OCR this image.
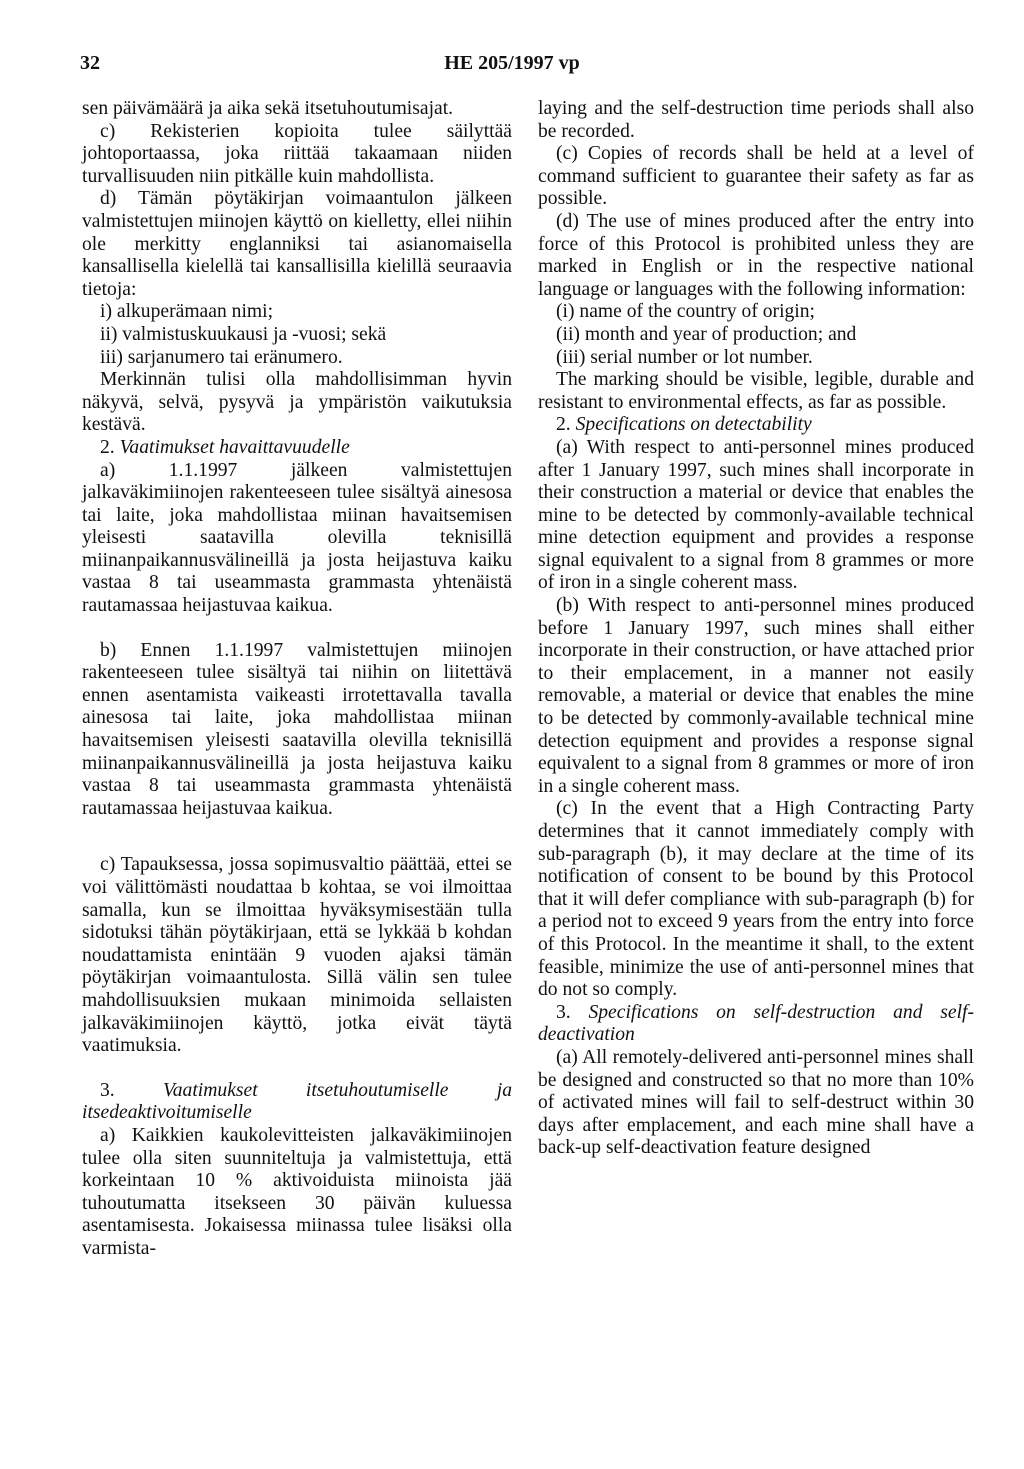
32	HE 205/1997 vp

sen päivämäärä ja aika sekä itsetuhoutumisajat.

c) Rekisterien kopioita tulee säilyttää johtoportaassa, joka riittää takaamaan niiden turvallisuuden niin pitkälle kuin mahdollista.

d) Tämän pöytäkirjan voimaantulon jälkeen valmistettujen miinojen käyttö on kielletty, ellei niihin ole merkitty englanniksi tai asianomaisella kansallisella kielellä tai kansallisilla kielillä seuraavia tietoja:

i) alkuperämaan nimi;

ii) valmistuskuukausi ja -vuosi; sekä

iii) sarjanumero tai eränumero.

Merkinnän tulisi olla mahdollisimman hyvin näkyvä, selvä, pysyvä ja ympäristön vaikutuksia kestävä.

2. Vaatimukset havaittavuudelle

a) 1.1.1997 jälkeen valmistettujen jalkaväkimiinojen rakenteeseen tulee sisältyä ainesosa tai laite, joka mahdollistaa miinan havaitsemisen yleisesti saatavilla olevilla teknisillä miinanpaikannusvälineillä ja josta heijastuva kaiku vastaa 8 tai useammasta grammasta yhtenäistä rautamassaa heijastuvaa kaikua.

b) Ennen 1.1.1997 valmistettujen miinojen rakenteeseen tulee sisältyä tai niihin on liitettävä ennen asentamista vaikeasti irrotettavalla tavalla ainesosa tai laite, joka mahdollistaa miinan havaitsemisen yleisesti saatavilla olevilla teknisillä miinanpaikannusvälineillä ja josta heijastuva kaiku vastaa 8 tai useammasta grammasta yhtenäistä rautamassaa heijastuvaa kaikua.

c) Tapauksessa, jossa sopimusvaltio päättää, ettei se voi välittömästi noudattaa b kohtaa, se voi ilmoittaa samalla, kun se ilmoittaa hyväksymisestään tulla sidotuksi tähän pöytäkirjaan, että se lykkää b kohdan noudattamista enintään 9 vuoden ajaksi tämän pöytäkirjan voimaantulosta. Sillä välin sen tulee mahdollisuuksien mukaan minimoida sellaisten jalkaväkimiinojen käyttö, jotka eivät täytä vaatimuksia.

3. Vaatimukset itsetuhoutumiselle ja itsedeaktivoitumiselle

a) Kaikkien kaukolevitteisten jalkaväkimiinojen tulee olla siten suunniteltuja ja valmistettuja, että korkeintaan 10 % aktivoiduista miinoista jää tuhoutumatta itsekseen 30 päivän kuluessa asentamisesta. Jokaisessa miinassa tulee lisäksi olla varmista-

laying and the self-destruction time periods shall also be recorded.

(c) Copies of records shall be held at a level of command sufficient to guarantee their safety as far as possible.

(d) The use of mines produced after the entry into force of this Protocol is prohibited unless they are marked in English or in the respective national language or languages with the following information:

(i) name of the country of origin;

(ii) month and year of production; and

(iii) serial number or lot number.

The marking should be visible, legible, durable and resistant to environmental effects, as far as possible.

2. Specifications on detectability

(a) With respect to anti-personnel mines produced after 1 January 1997, such mines shall incorporate in their construction a material or device that enables the mine to be detected by commonly-available technical mine detection equipment and provides a response signal equivalent to a signal from 8 grammes or more of iron in a single coherent mass.

(b) With respect to anti-personnel mines produced before 1 January 1997, such mines shall either incorporate in their construction, or have attached prior to their emplacement, in a manner not easily removable, a material or device that enables the mine to be detected by commonly-available technical mine detection equipment and provides a response signal equivalent to a signal from 8 grammes or more of iron in a single coherent mass.

(c) In the event that a High Contracting Party determines that it cannot immediately comply with sub-paragraph (b), it may declare at the time of its notification of consent to be bound by this Protocol that it will defer compliance with sub-paragraph (b) for a period not to exceed 9 years from the entry into force of this Protocol. In the meantime it shall, to the extent feasible, minimize the use of anti-personnel mines that do not so comply.

3. Specifications on self-destruction and self-deactivation

(a) All remotely-delivered anti-personnel mines shall be designed and constructed so that no more than 10% of activated mines will fail to self-destruct within 30 days after emplacement, and each mine shall have a back-up self-deactivation feature designed
